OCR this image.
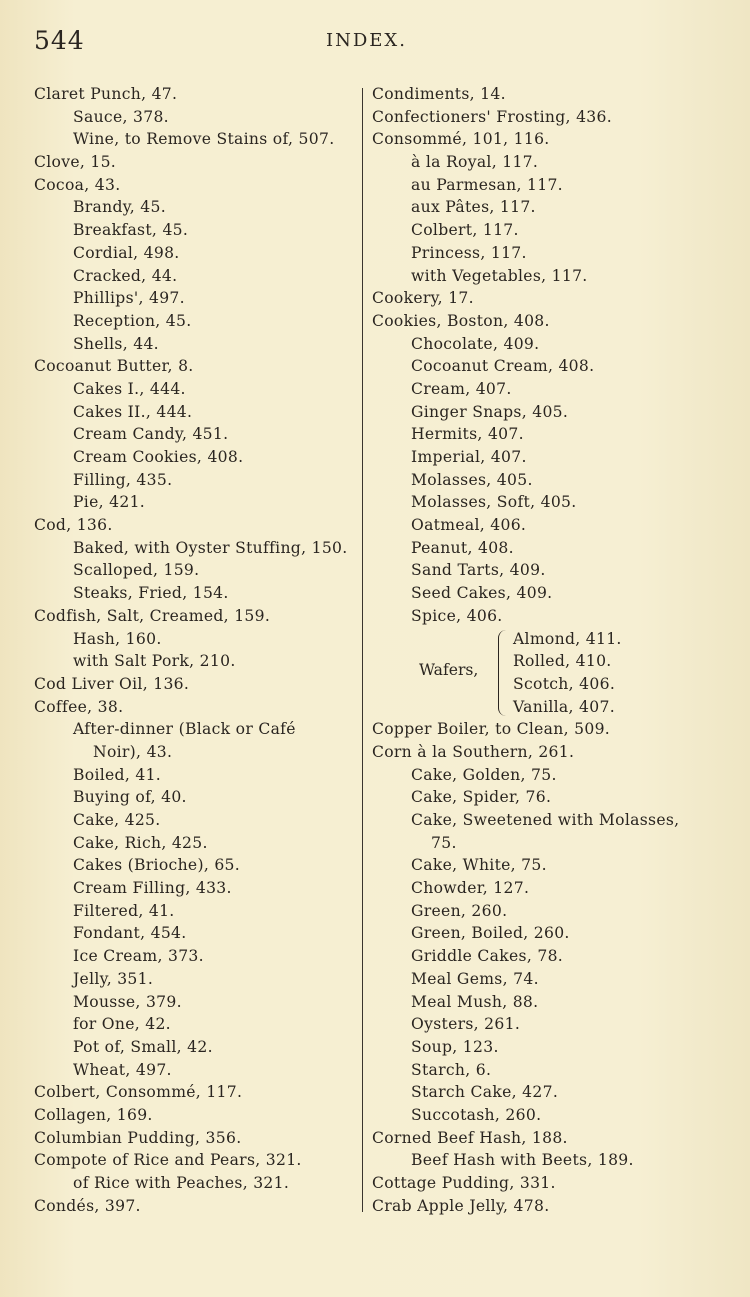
544	INDEX.
Claret Punch, 47.
Sauce, 378.
Wine, to Remove Stains of, 507.
Clove, 15.
Cocoa, 43.
Brandy, 45.
Breakfast, 45.
Cordial, 498.
Cracked, 44.
Phillips', 497.
Reception, 45.
Shells, 44.
Cocoanut Butter, 8.
Cakes I., 444.
Cakes II., 444.
Cream Candy, 451.
Cream Cookies, 408.
Filling, 435.
Pie, 421.
Cod, 136.
Baked, with Oyster Stuffing, 150.
Scalloped, 159.
Steaks, Fried, 154.
Codfish, Salt, Creamed, 159.
Hash, 160.
with Salt Pork, 210.
Cod Liver Oil, 136.
Coffee, 38.
After-dinner (Black or Café
Noir), 43.
Boiled, 41.
Buying of, 40.
Cake, 425.
Cake, Rich, 425.
Cakes (Brioche), 65.
Cream Filling, 433.
Filtered, 41.
Fondant, 454.
Ice Cream, 373.
Jelly, 351.
Mousse, 379.
for One, 42.
Pot of, Small, 42.
Wheat, 497.
Colbert, Consommé, 117.
Collagen, 169.
Columbian Pudding, 356.
Compote of Rice and Pears, 321.
of Rice with Peaches, 321.
Condés, 397.
Condiments, 14.
Confectioners' Frosting, 436.
Consommé, 101, 116.
à la Royal, 117.
au Parmesan, 117.
aux Pâtes, 117.
Colbert, 117.
Princess, 117.
with Vegetables, 117.
Cookery, 17.
Cookies, Boston, 408.
Chocolate, 409.
Cocoanut Cream, 408.
Cream, 407.
Ginger Snaps, 405.
Hermits, 407.
Imperial, 407.
Molasses, 405.
Molasses, Soft, 405.
Oatmeal, 406.
Peanut, 408.
Sand Tarts, 409.
Seed Cakes, 409.
Spice, 406.
Wafers,
Almond, 411.
Rolled, 410.
Scotch, 406.
Vanilla, 407.
Copper Boiler, to Clean, 509.
Corn à la Southern, 261.
Cake, Golden, 75.
Cake, Spider, 76.
Cake, Sweetened with Molasses,
75.
Cake, White, 75.
Chowder, 127.
Green, 260.
Green, Boiled, 260.
Griddle Cakes, 78.
Meal Gems, 74.
Meal Mush, 88.
Oysters, 261.
Soup, 123.
Starch, 6.
Starch Cake, 427.
Succotash, 260.
Corned Beef Hash, 188.
Beef Hash with Beets, 189.
Cottage Pudding, 331.
Crab Apple Jelly, 478.
